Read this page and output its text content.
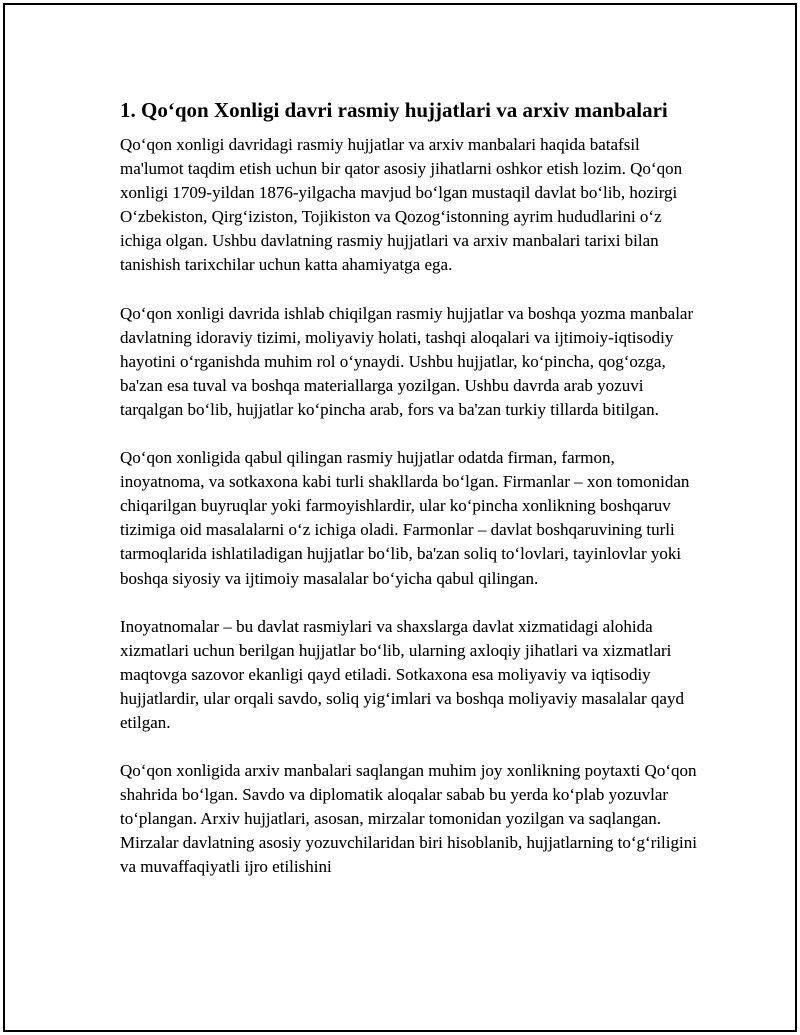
1. Qo‘qon Xonligi davri rasmiy hujjatlari va arxiv manbalari

Qo‘qon xonligi davridagi rasmiy hujjatlar va arxiv manbalari haqida batafsil ma'lumot taqdim etish uchun bir qator asosiy jihatlarni oshkor etish lozim. Qo‘qon xonligi 1709-yildan 1876-yilgacha mavjud bo‘lgan mustaqil davlat bo‘lib, hozirgi O‘zbekiston, Qirg‘iziston, Tojikiston va Qozog‘istonning ayrim hududlarini o‘z ichiga olgan. Ushbu davlatning rasmiy hujjatlari va arxiv manbalari tarixi bilan tanishish tarixchilar uchun katta ahamiyatga ega.

Qo‘qon xonligi davrida ishlab chiqilgan rasmiy hujjatlar va boshqa yozma manbalar davlatning idoraviy tizimi, moliyaviy holati, tashqi aloqalari va ijtimoiy-iqtisodiy hayotini o‘rganishda muhim rol o‘ynaydi. Ushbu hujjatlar, ko‘pincha, qog‘ozga, ba'zan esa tuval va boshqa materiallarga yozilgan. Ushbu davrda arab yozuvi tarqalgan bo‘lib, hujjatlar ko‘pincha arab, fors va ba'zan turkiy tillarda bitilgan.

Qo‘qon xonligida qabul qilingan rasmiy hujjatlar odatda firman, farmon, inoyatnoma, va sotkaxona kabi turli shakllarda bo‘lgan. Firmanlar – xon tomonidan chiqarilgan buyruqlar yoki farmoyishlardir, ular ko‘pincha xonlikning boshqaruv tizimiga oid masalalarni o‘z ichiga oladi. Farmonlar – davlat boshqaruvining turli tarmoqlarida ishlatiladigan hujjatlar bo‘lib, ba'zan soliq to‘lovlari, tayinlovlar yoki boshqa siyosiy va ijtimoiy masalalar bo‘yicha qabul qilingan.

Inoyatnomalar – bu davlat rasmiylari va shaxslarga davlat xizmatidagi alohida xizmatlari uchun berilgan hujjatlar bo‘lib, ularning axloqiy jihatlari va xizmatlari maqtovga sazovor ekanligi qayd etiladi. Sotkaxona esa moliyaviy va iqtisodiy hujjatlardir, ular orqali savdo, soliq yig‘imlari va boshqa moliyaviy masalalar qayd etilgan.

Qo‘qon xonligida arxiv manbalari saqlangan muhim joy xonlikning poytaxti Qo‘qon shahrida bo‘lgan. Savdo va diplomatik aloqalar sabab bu yerda ko‘plab yozuvlar to‘plangan. Arxiv hujjatlari, asosan, mirzalar tomonidan yozilgan va saqlangan. Mirzalar davlatning asosiy yozuvchilaridan biri hisoblanib, hujjatlarning to‘g‘riligini va muvaffaqiyatli ijro etilishini
